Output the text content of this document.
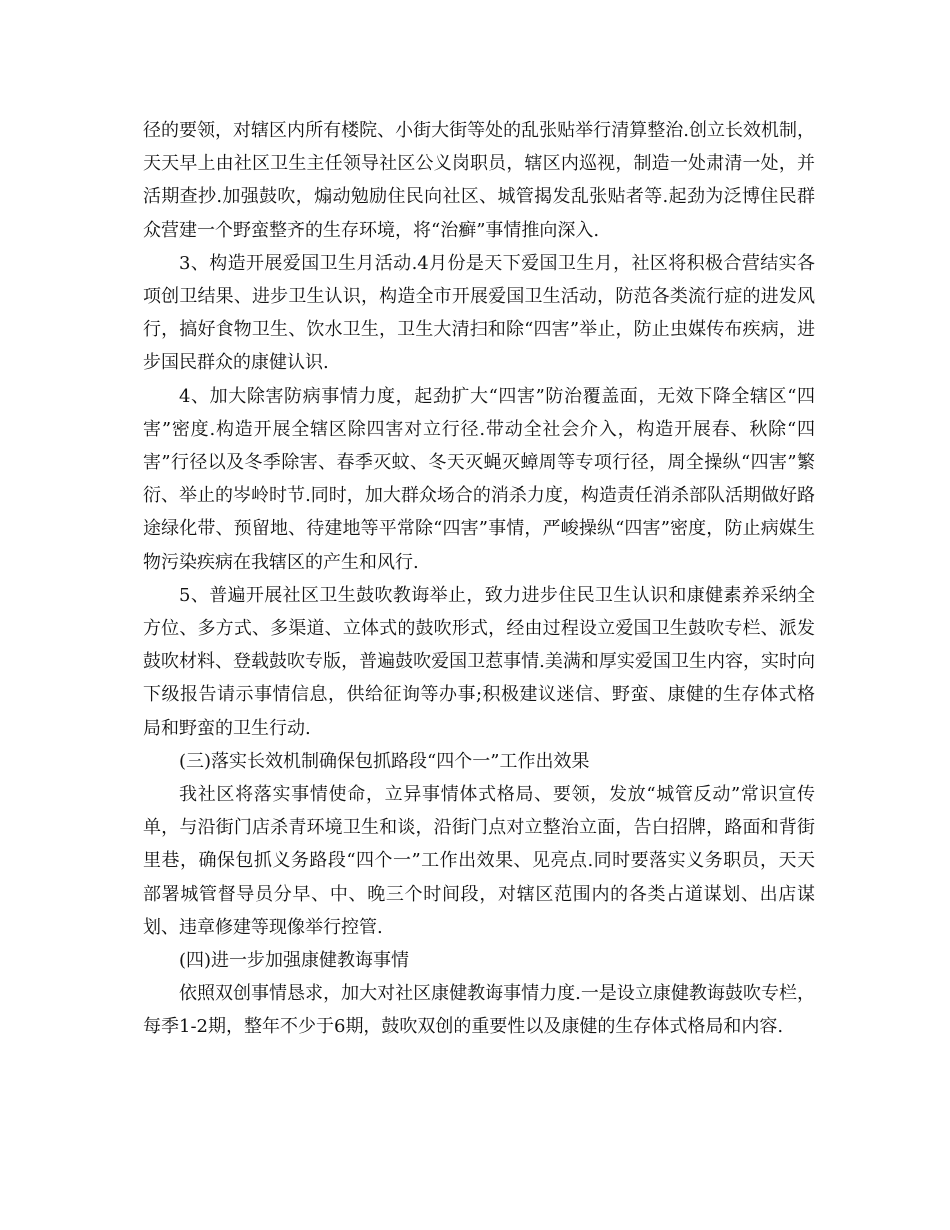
径的要领，对辖区内所有楼院、小街大街等处的乱张贴举行清算整治.创立长效机制，天天早上由社区卫生主任领导社区公义岗职员，辖区内巡视，制造一处肃清一处，并活期查抄.加强鼓吹，煽动勉励住民向社区、城管揭发乱张贴者等.起劲为泛博住民群众营建一个野蛮整齐的生存环境，将“治癣”事情推向深入.

3、构造开展爱国卫生月活动.4月份是天下爱国卫生月，社区将积极合营结实各项创卫结果、进步卫生认识，构造全市开展爱国卫生活动，防范各类流行症的进发风行，搞好食物卫生、饮水卫生，卫生大清扫和除“四害”举止，防止虫媒传布疾病，进步国民群众的康健认识.

4、加大除害防病事情力度，起劲扩大“四害”防治覆盖面，无效下降全辖区“四害”密度.构造开展全辖区除四害对立行径.带动全社会介入，构造开展春、秋除“四害”行径以及冬季除害、春季灭蚊、冬天灭蝇灭蟑周等专项行径，周全操纵“四害”繁衍、举止的岑岭时节.同时，加大群众场合的消杀力度，构造责任消杀部队活期做好路途绿化带、预留地、待建地等平常除“四害”事情，严峻操纵“四害”密度，防止病媒生物污染疾病在我辖区的产生和风行.

5、普遍开展社区卫生鼓吹教诲举止，致力进步住民卫生认识和康健素养采纳全方位、多方式、多渠道、立体式的鼓吹形式，经由过程设立爱国卫生鼓吹专栏、派发鼓吹材料、登载鼓吹专版，普遍鼓吹爱国卫惹事情.美满和厚实爱国卫生内容，实时向下级报告请示事情信息，供给征询等办事;积极建议迷信、野蛮、康健的生存体式格局和野蛮的卫生行动.

(三)落实长效机制确保包抓路段“四个一”工作出效果

我社区将落实事情使命，立异事情体式格局、要领，发放“城管反动”常识宣传单，与沿街门店杀青环境卫生和谈，沿街门点对立整治立面，告白招牌，路面和背街里巷，确保包抓义务路段“四个一”工作出效果、见亮点.同时要落实义务职员，天天部署城管督导员分早、中、晚三个时间段，对辖区范围内的各类占道谋划、出店谋划、违章修建等现像举行控管.

(四)进一步加强康健教诲事情

依照双创事情恳求，加大对社区康健教诲事情力度.一是设立康健教诲鼓吹专栏，每季1-2期，整年不少于6期，鼓吹双创的重要性以及康健的生存体式格局和内容.
